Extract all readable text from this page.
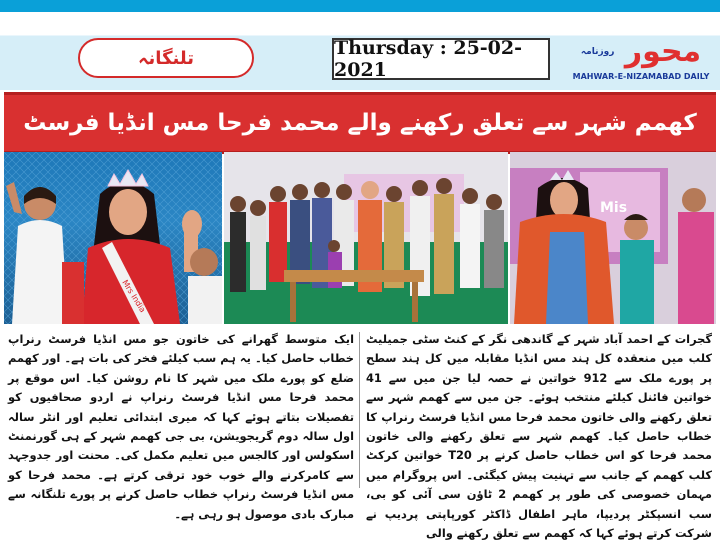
تلنگانہ	Thursday : 25-02-2021
محور $^{روزنامہ}$
MAHWAR-E-NIZAMABAD DAILY
کھمم شہر سے تعلق رکھنے والے محمد فرحا مس انڈیا فرسٹ
Mrs India
Mis
گجرات کے احمد آباد شہر کے گاندھی نگر کے کنٹ سٹی جمیلیٹ کلب میں منعقدہ کل ہند مس انڈیا مقابلہ میں کل ہند سطح پر پورے ملک سے 912 خواتین نے حصہ لیا جن میں سے 41 خواتین فائنل کیلئے منتخب ہوئے۔ جن میں سے کھمم شہر سے تعلق رکھنے والی خاتون محمد فرحا مس انڈیا فرسٹ رنراپ کا خطاب حاصل کیا۔ کھمم شہر سے تعلق رکھنے والی خاتون محمد فرحا کو اس خطاب حاصل کرنے پر T20 خواتین کرکٹ کلب کھمم کے جانب سے تہنیت پیش کیگئی۔ اس پروگرام میں مہمان خصوصی کی طور پر کھمم 2 ٹاؤن سی آئی کو بی، سب انسپکٹر پردیپا، ماہر اطفال ڈاکٹر کورپاپتی پردیپ نے شرکت کرتے ہوئے کہا کہ کھمم سے تعلق رکھنے والی
ایک متوسط گھرانے کی خاتون جو مس انڈیا فرسٹ رنراپ خطاب حاصل کیا۔ یہ ہم سب کیلئے فخر کی بات ہے۔ اور کھمم ضلع کو پورے ملک میں شہر کا نام روشن کیا۔ اس موقع پر محمد فرحا مس انڈیا فرسٹ رنراپ نے اردو صحافیوں کو تفصیلات بتاتے ہوئے کہا کہ میری ابتدائی تعلیم اور انٹر سالہ اول سالہ دوم گریجویشن، بی جی کھمم شہر کے ہی گورنمنٹ اسکولس اور کالجس میں تعلیم مکمل کی۔ محنت اور جدوجہد سے کامرکرنے والے خوب خود ترقی کرتے ہے۔ محمد فرحا کو مس انڈیا فرسٹ رنراپ خطاب حاصل کرنے پر پورے تلنگانہ سے مبارک بادی موصول ہو رہی ہے۔
